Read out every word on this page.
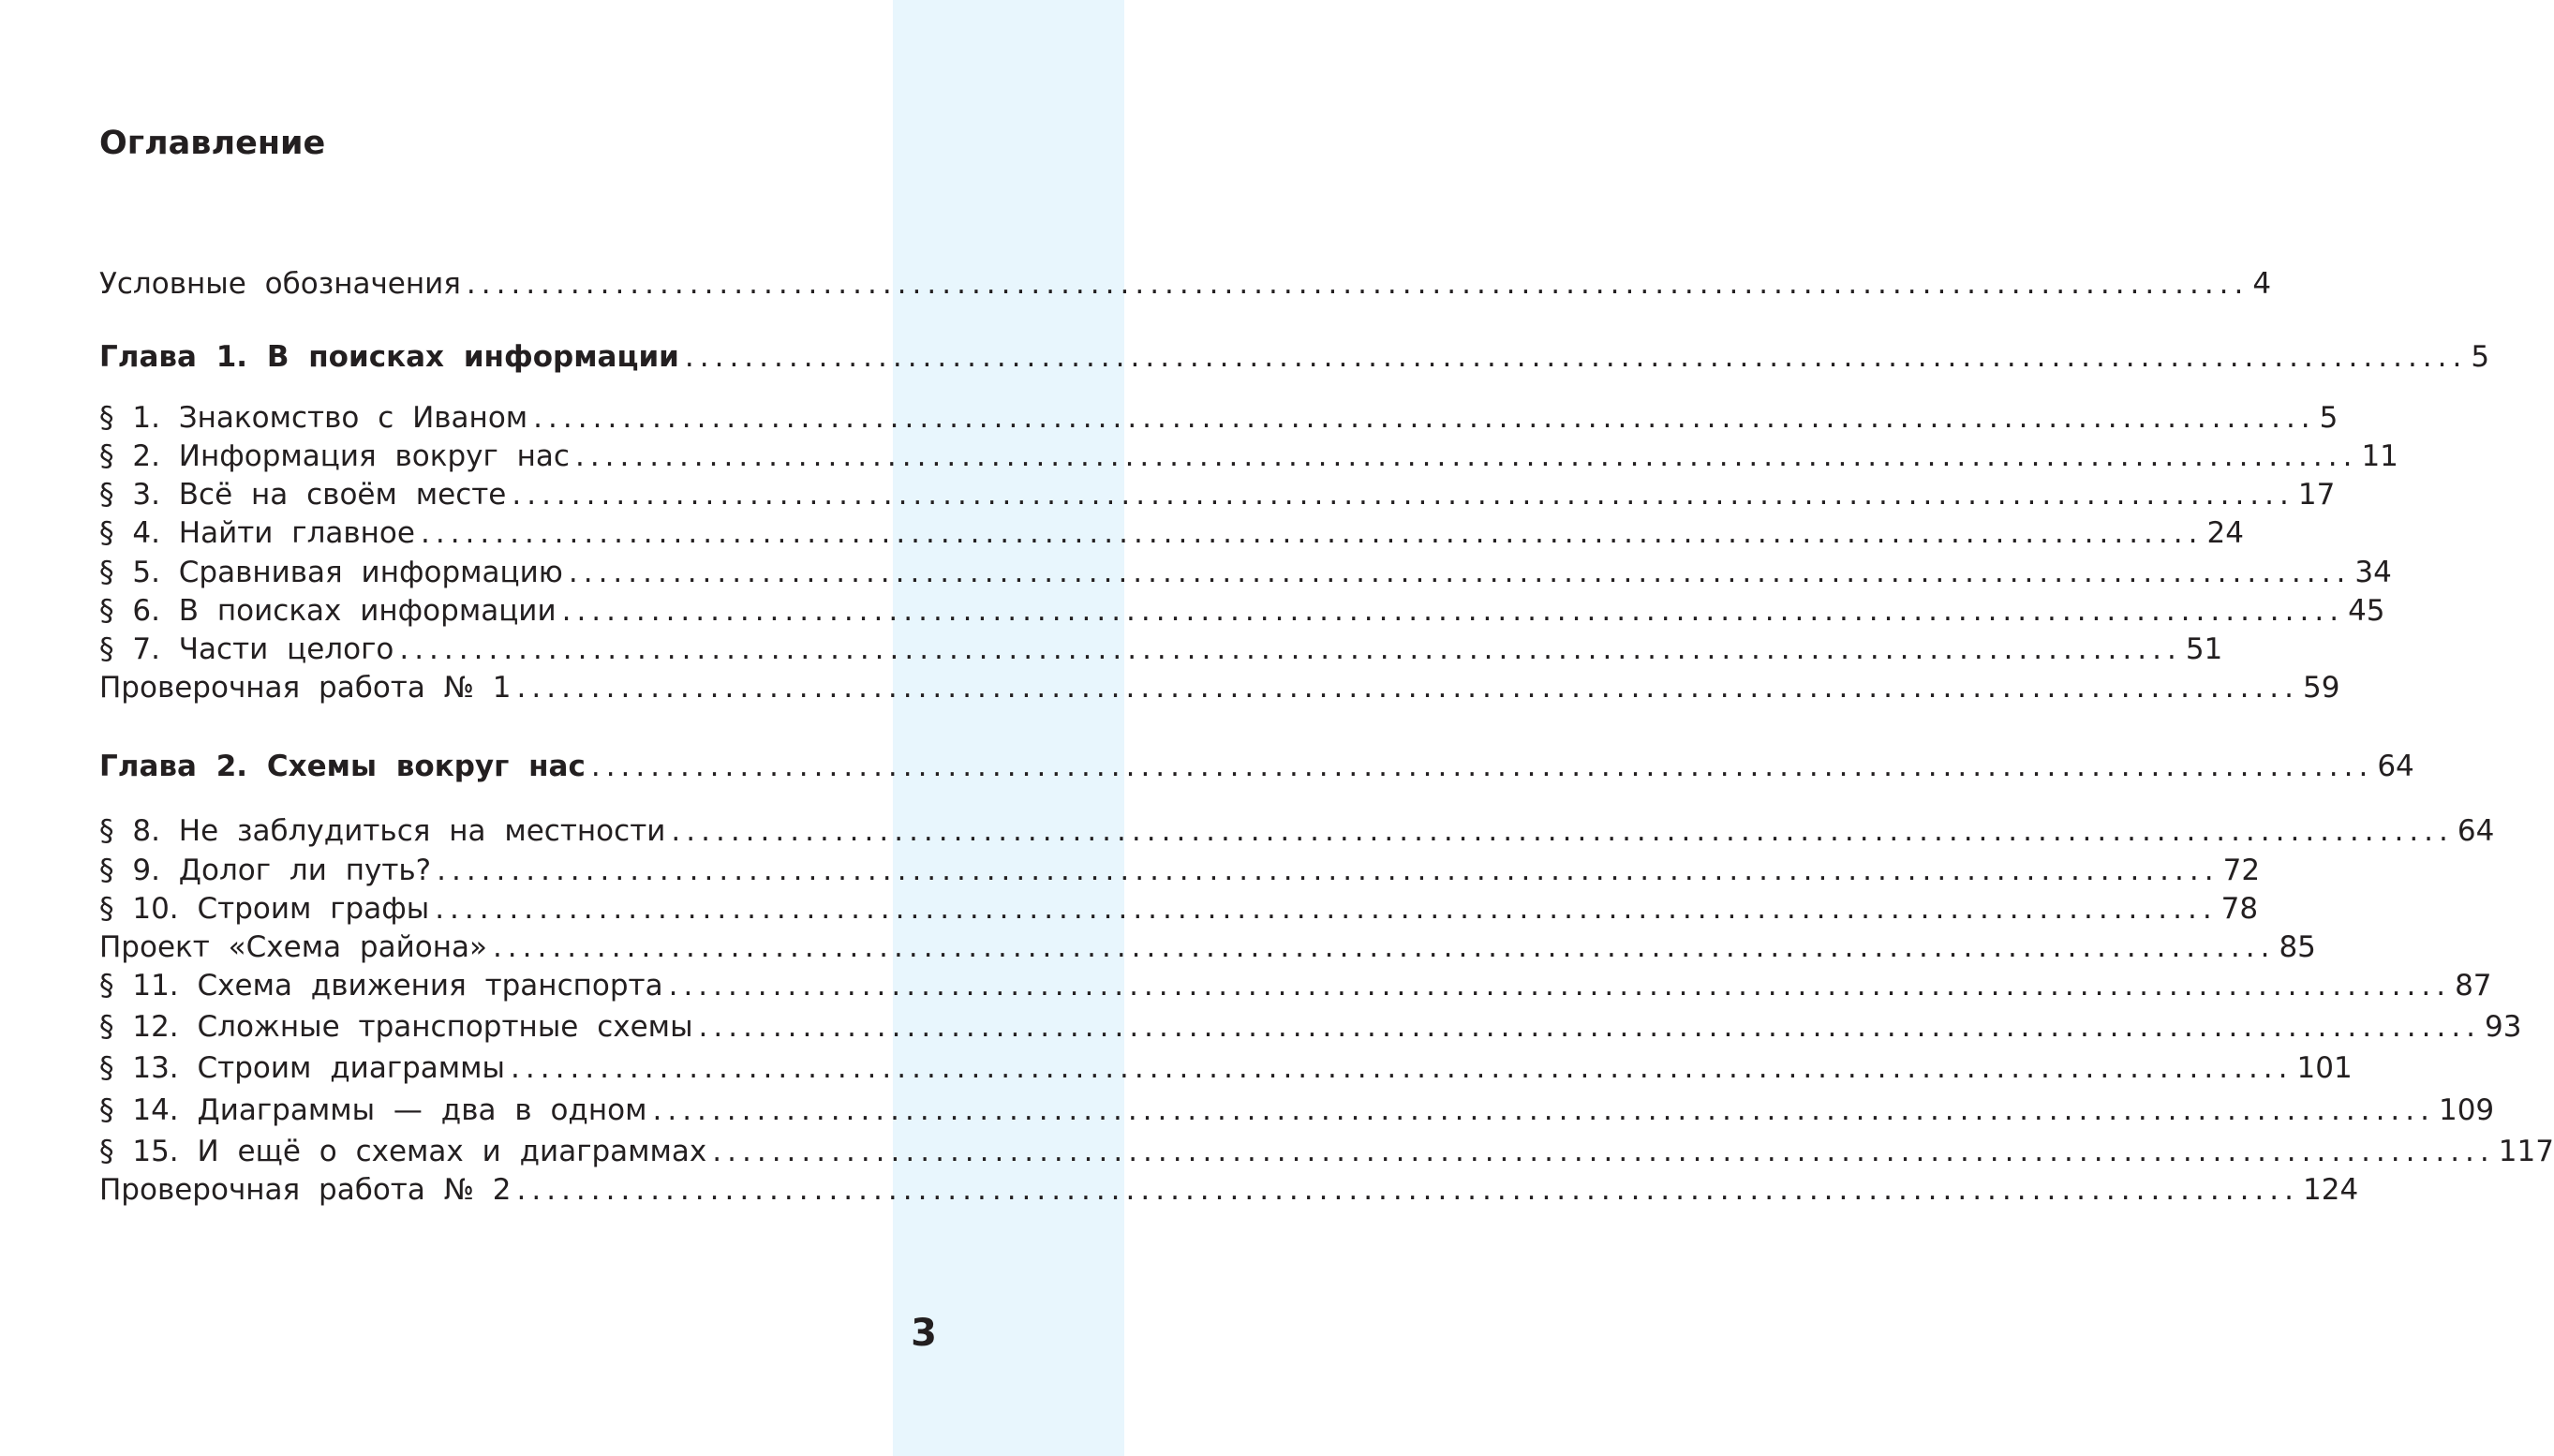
3
Оглавление
Условные обозначения ........................................................................................................................ 4
Глава 1. В поисках информации ........................................................................................................................ 5
§ 1. Знакомство с Иваном ........................................................................................................................ 5
§ 2. Информация вокруг нас ........................................................................................................................ 11
§ 3. Всё на своём месте ........................................................................................................................ 17
§ 4. Найти главное ........................................................................................................................ 24
§ 5. Сравнивая информацию ........................................................................................................................ 34
§ 6. В поисках информации ........................................................................................................................ 45
§ 7. Части целого ........................................................................................................................ 51
Проверочная работа № 1 ........................................................................................................................ 59
Глава 2. Схемы вокруг нас ........................................................................................................................ 64
§ 8. Не заблудиться на местности ........................................................................................................................ 64
§ 9. Долог ли путь? ........................................................................................................................ 72
§ 10. Строим графы ........................................................................................................................ 78
Проект «Схема района» ........................................................................................................................ 85
§ 11. Схема движения транспорта ........................................................................................................................ 87
§ 12. Сложные транспортные схемы ........................................................................................................................ 93
§ 13. Строим диаграммы ........................................................................................................................ 101
§ 14. Диаграммы — два в одном ........................................................................................................................ 109
§ 15. И ещё о схемах и диаграммах ........................................................................................................................ 117
Проверочная работа № 2 ........................................................................................................................ 124
